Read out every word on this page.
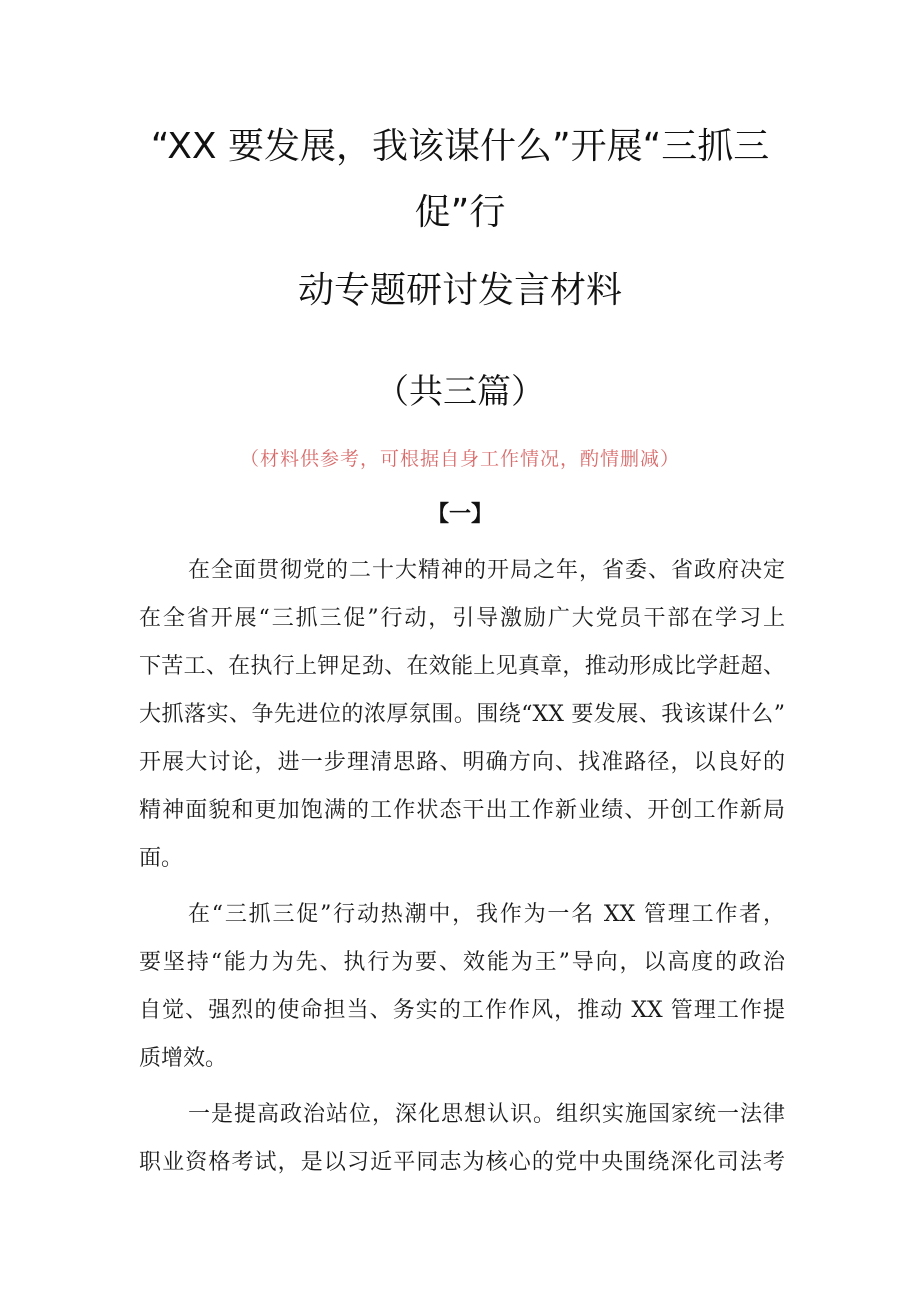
“XX 要发展，我该谋什么”开展“三抓三
促”行
动专题研讨发言材料
（共三篇）
（材料供参考，可根据自身工作情况，酌情删减）
【一】
在全面贯彻党的二十大精神的开局之年，省委、省政府决定
在全省开展“三抓三促”行动，引导激励广大党员干部在学习上
下苦工、在执行上钾足劲、在效能上见真章，推动形成比学赶超、
大抓落实、争先进位的浓厚氛围。围绕“XX 要发展、我该谋什么”
开展大讨论，进一步理清思路、明确方向、找准路径，以良好的
精神面貌和更加饱满的工作状态干出工作新业绩、开创工作新局
面。
在“三抓三促”行动热潮中，我作为一名 XX 管理工作者，
要坚持“能力为先、执行为要、效能为王”导向，以高度的政治
自觉、强烈的使命担当、务实的工作作风，推动 XX 管理工作提
质增效。
一是提高政治站位，深化思想认识。组织实施国家统一法律
职业资格考试，是以习近平同志为核心的党中央围绕深化司法考
